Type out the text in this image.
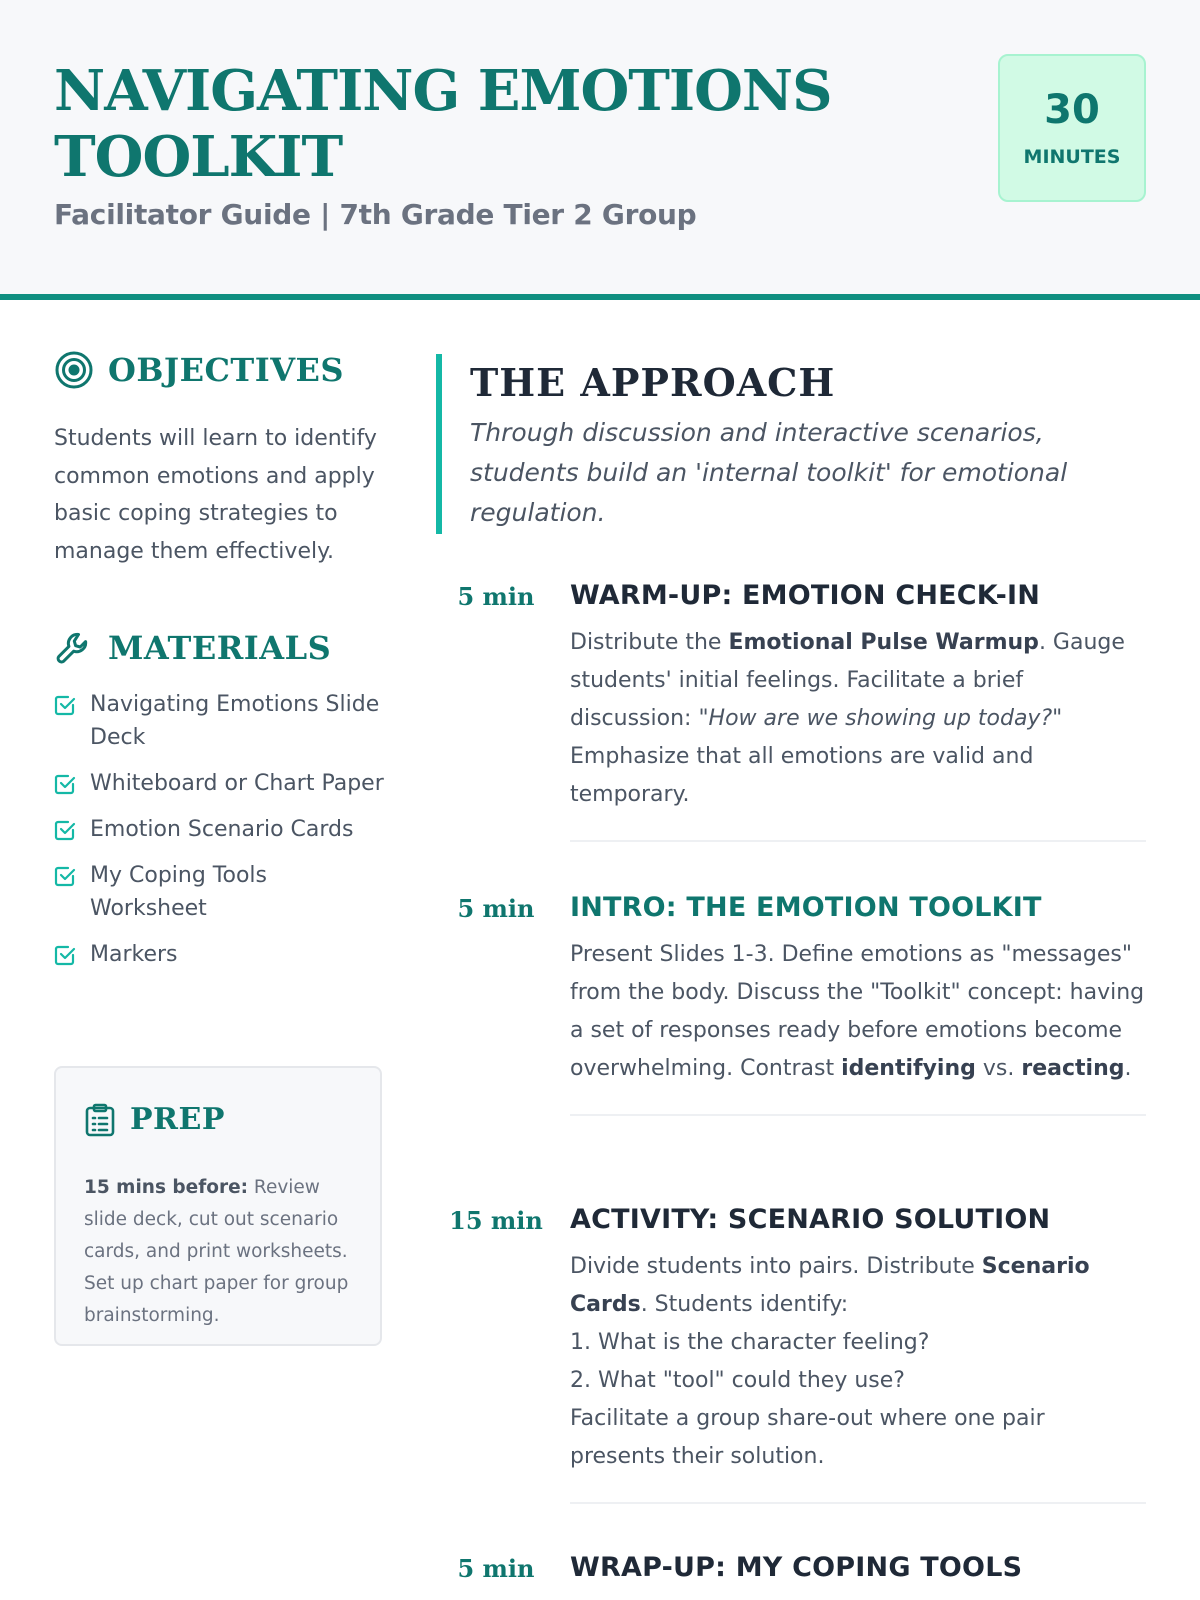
NAVIGATING EMOTIONS TOOLKIT
Facilitator Guide | 7th Grade Tier 2 Group
30
MINUTES
OBJECTIVES

Students will learn to identify common emotions and apply basic coping strategies to manage them effectively.

MATERIALS
Navigating Emotions Slide Deck
Whiteboard or Chart Paper
Emotion Scenario Cards
My Coping Tools Worksheet
Markers
PREP

15 mins before: Review slide deck, cut out scenario cards, and print worksheets. Set up chart paper for group brainstorming.

THE APPROACH

Through discussion and interactive scenarios, students build an 'internal toolkit' for emotional regulation.

5 min	WARM-UP: EMOTION CHECK-IN

Distribute the Emotional Pulse Warmup. Gauge students' initial feelings. Facilitate a brief discussion: "How are we showing up today?" Emphasize that all emotions are valid and temporary.

5 min	INTRO: THE EMOTION TOOLKIT

Present Slides 1-3. Define emotions as "messages" from the body. Discuss the "Toolkit" concept: having a set of responses ready before emotions become overwhelming. Contrast identifying vs. reacting.

15 min	ACTIVITY: SCENARIO SOLUTION

Divide students into pairs. Distribute Scenario Cards. Students identify:
1. What is the character feeling?
2. What "tool" could they use?
Facilitate a group share-out where one pair presents their solution.

5 min	WRAP-UP: MY COPING TOOLS
